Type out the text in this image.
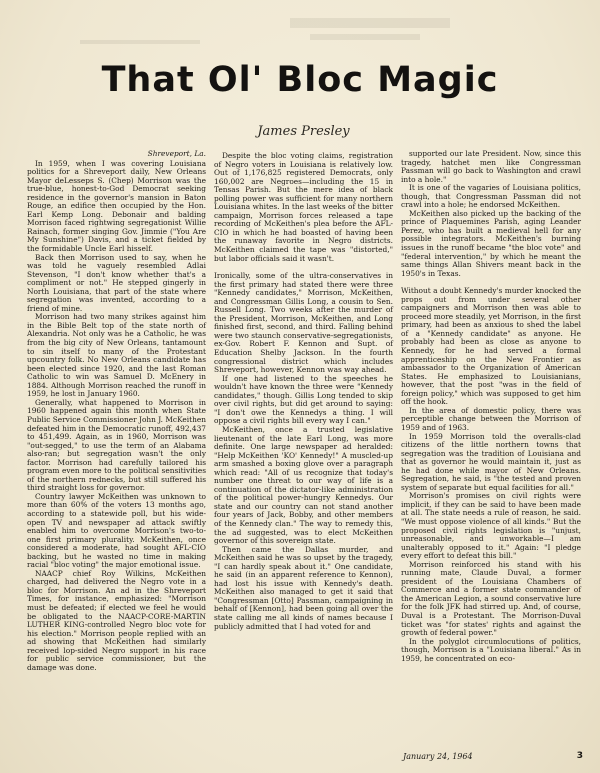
That Ol' Bloc Magic
James Presley
Shreveport, La.

In 1959, when I was covering Louisiana politics for a Shreveport daily, New Orleans Mayor deLesseps S. (Chep) Morrison was the true-blue, honest-to-God Democrat seeking residence in the governor's mansion in Baton Rouge, an edifice then occupied by the Hon. Earl Kemp Long. Debonair and balding Morrison faced rightwing segregationist Willie Rainach, former singing Gov. Jimmie ("You Are My Sunshine") Davis, and a ticket fielded by the formidable Uncle Earl hisself.

Back then Morrison used to say, when he was told he vaguely resembled Adlai Stevenson, "I don't know whether that's a compliment or not." He stepped gingerly in North Louisiana, that part of the state where segregation was invented, according to a friend of mine.

Morrison had two many strikes against him in the Bible Belt top of the state north of Alexandria. Not only was he a Catholic, he was from the big city of New Orleans, tantamount to sin itself to many of the Protestant upcountry folk. No New Orleans candidate has been elected since 1920, and the last Roman Catholic to win was Samuel D. McEnery in 1884. Although Morrison reached the runoff in 1959, he lost in January 1960.

Generally, what happened to Morrison in 1960 happened again this month when State Public Service Commissioner John J. McKeithen defeated him in the Democratic runoff, 492,437 to 451,499. Again, as in 1960, Morrison was "out-segged," to use the term of an Alabama also-ran; but segregation wasn't the only factor. Morrison had carefully tailored his program even more to the political sensitivities of the northern rednecks, but still suffered his third straight loss for governor.

Country lawyer McKeithen was unknown to more than 60% of the voters 13 months ago, according to a statewide poll, but his wide-open TV and newspaper ad attack swiftly enabled him to overcome Morrison's two-to-one first primary plurality. McKeithen, once considered a moderate, had sought AFL-CIO backing, but he wasted no time in making racial "bloc voting" the major emotional issue.

NAACP chief Roy Wilkins, McKeithen charged, had delivered the Negro vote in a bloc for Morrison. An ad in the Shreveport Times, for instance, emphasized: "Morrison must be defeated; if elected we feel he would be obligated to the NAACP-CORE-MARTIN LUTHER KING-controlled Negro bloc vote for his election." Morrison people replied with an ad showing that McKeithen had similarly received lop-sided Negro support in his race for public service commissioner, but the damage was done.

Despite the bloc voting claims, registration of Negro voters in Louisiana is relatively low. Out of 1,176,825 registered Democrats, only 160,002 are Negroes—including the 15 in Tensas Parish. But the mere idea of black polling power was sufficient for many northern Louisiana whites. In the last weeks of the bitter campaign, Morrison forces released a tape recording of McKeithen's plea before the AFL-CIO in which he had boasted of having been the runaway favorite in Negro districts. McKeithen claimed the tape was "distorted," but labor officials said it wasn't.

Ironically, some of the ultra-conservatives in the first primary had stated there were three "Kennedy candidates," Morrison, McKeithen, and Congressman Gillis Long, a cousin to Sen. Russell Long. Two weeks after the murder of the President, Morrison, McKeithen, and Long finished first, second, and third. Falling behind were two staunch conservative-segregationists, ex-Gov. Robert F. Kennon and Supt. of Education Shelby Jackson. In the fourth congressional district which includes Shreveport, however, Kennon was way ahead.

If one had listened to the speeches he wouldn't have known the three were "Kennedy candidates," though. Gillis Long tended to skip over civil rights, but did get around to saying: "I don't owe the Kennedys a thing. I will oppose a civil rights bill every way I can."

McKeithen, once a trusted legislative lieutenant of the late Earl Long, was more definite. One large newspaper ad heralded: "Help McKeithen 'KO' Kennedy!" A muscled-up arm smashed a boxing glove over a paragraph which read: "All of us recognize that today's number one threat to our way of life is a continuation of the dictator-like administration of the political power-hungry Kennedys. Our state and our country can not stand another four years of Jack, Bobby, and other members of the Kennedy clan." The way to remedy this, the ad suggested, was to elect McKeithen governor of this sovereign state.

Then came the Dallas murder, and McKeithen said he was so upset by the tragedy, "I can hardly speak about it." One candidate, he said (in an apparent reference to Kennon), had lost his issue with Kennedy's death. McKeithen also managed to get it said that "Congressman [Otto] Passman, campaigning in behalf of [Kennon], had been going all over the state calling me all kinds of names because I publicly admitted that I had voted for and

supported our late President. Now, since this tragedy, hatchet men like Congressman Passman will go back to Washington and crawl into a hole."

It is one of the vagaries of Louisiana politics, though, that Congressman Passman did not crawl into a hole; he endorsed McKeithen.

McKeithen also picked up the backing of the prince of Plaquemines Parish, aging Leander Perez, who has built a medieval hell for any possible integrators. McKeithen's burning issues in the runoff became "the bloc vote" and "federal intervention," by which he meant the same things Allan Shivers meant back in the 1950's in Texas.

Without a doubt Kennedy's murder knocked the props out from under several other campaigners and Morrison then was able to proceed more steadily, yet Morrison, in the first primary, had been as anxious to shed the label of a "Kennedy candidate" as anyone. He probably had been as close as anyone to Kennedy, for he had served a formal apprenticeship on the New Frontier as ambassador to the Organization of American States. He emphasized to Louisianians, however, that the post "was in the field of foreign policy," which was supposed to get him off the hook.

In the area of domestic policy, there was perceptible change between the Morrison of 1959 and of 1963.

In 1959 Morrison told the overalls-clad citizens of the little northern towns that segregation was the tradition of Louisiana and that as governor he would maintain it, just as he had done while mayor of New Orleans. Segregation, he said, is "the tested and proven system of separate but equal facilities for all."

Morrison's promises on civil rights were implicit, if they can be said to have been made at all. The state needs a rule of reason, he said. "We must oppose violence of all kinds." But the proposed civil rights legislation is "unjust, unreasonable, and unworkable—I am unalterably opposed to it." Again: "I pledge every effort to defeat this bill."

Morrison reinforced his stand with his running mate, Claude Duval, a former president of the Louisiana Chambers of Commerce and a former state commander of the American Legion, a sound conservative lure for the folk JFK had stirred up. And, of course, Duval is a Protestant. The Morrison-Duval ticket was "for states' rights and against the growth of federal power."

In the polyglot circumlocutions of politics, though, Morrison is a "Louisiana liberal." As in 1959, he concentrated on eco-

January 24, 1964	3
